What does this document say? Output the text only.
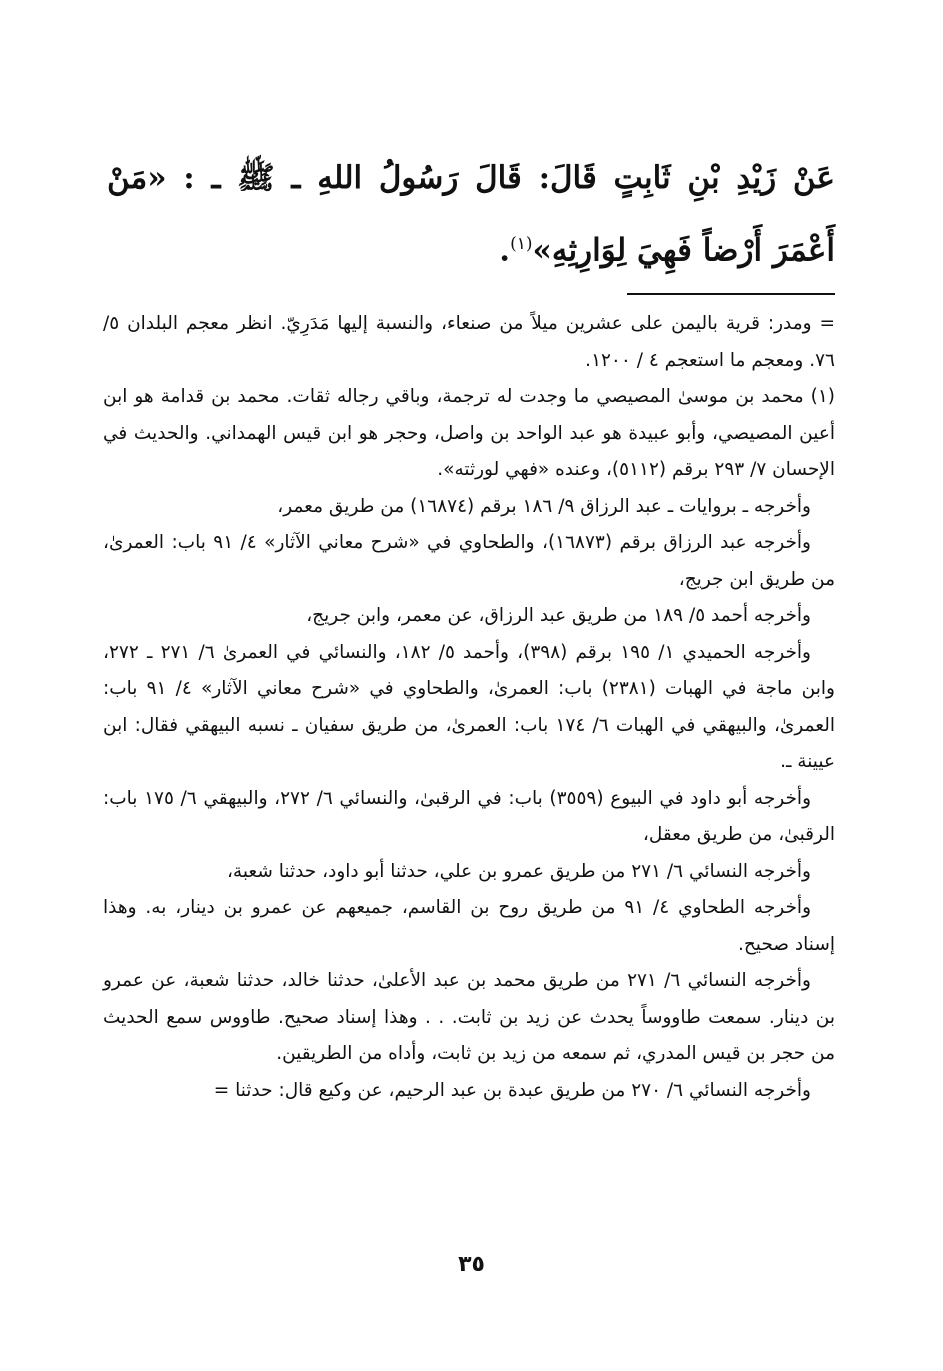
عَنْ زَيْدِ بْنِ ثَابِتٍ قَالَ: قَالَ رَسُولُ اللهِ ـ ﷺ ـ : «مَنْ أَعْمَرَ أَرْضاً فَهِيَ لِوَارِثِهِ»$^{(١)}$.

= ومدر: قرية باليمن على عشرين ميلاً من صنعاء، والنسبة إليها مَدَرِيّ. انظر معجم البلدان ٥/ ٧٦. ومعجم ما استعجم ٤ / ١٢٠٠.

(١) محمد بن موسىٰ المصيصي ما وجدت له ترجمة، وباقي رجاله ثقات. محمد بن قدامة هو ابن أعين المصيصي، وأبو عبيدة هو عبد الواحد بن واصل، وحجر هو ابن قيس الهمداني. والحديث في الإحسان ٧/ ٢٩٣ برقم (٥١١٢)، وعنده «فهي لورثته».

وأخرجه ـ بروايات ـ عبد الرزاق ٩/ ١٨٦ برقم (١٦٨٧٤) من طريق معمر،

وأخرجه عبد الرزاق برقم (١٦٨٧٣)، والطحاوي في «شرح معاني الآثار» ٤/ ٩١ باب: العمرىٰ، من طريق ابن جريج،

وأخرجه أحمد ٥/ ١٨٩ من طريق عبد الرزاق، عن معمر، وابن جريج،

وأخرجه الحميدي ١/ ١٩٥ برقم (٣٩٨)، وأحمد ٥/ ١٨٢، والنسائي في العمرىٰ ٦/ ٢٧١ ـ ٢٧٢، وابن ماجة في الهبات (٢٣٨١) باب: العمرىٰ، والطحاوي في «شرح معاني الآثار» ٤/ ٩١ باب: العمرىٰ، والبيهقي في الهبات ٦/ ١٧٤ باب: العمرىٰ، من طريق سفيان ـ نسبه البيهقي فقال: ابن عيينة ـ.

وأخرجه أبو داود في البيوع (٣٥٥٩) باب: في الرقبىٰ، والنسائي ٦/ ٢٧٢، والبيهقي ٦/ ١٧٥ باب: الرقبىٰ، من طريق معقل،

وأخرجه النسائي ٦/ ٢٧١ من طريق عمرو بن علي، حدثنا أبو داود، حدثنا شعبة،

وأخرجه الطحاوي ٤/ ٩١ من طريق روح بن القاسم، جميعهم عن عمرو بن دينار، به. وهذا إسناد صحيح.

وأخرجه النسائي ٦/ ٢٧١ من طريق محمد بن عبد الأعلىٰ، حدثنا خالد، حدثنا شعبة، عن عمرو بن دينار. سمعت طاووساً يحدث عن زيد بن ثابت. . . وهذا إسناد صحيح. طاووس سمع الحديث من حجر بن قيس المدري، ثم سمعه من زيد بن ثابت، وأداه من الطريقين.

وأخرجه النسائي ٦/ ٢٧٠ من طريق عبدة بن عبد الرحيم، عن وكيع قال: حدثنا =

٣٥
